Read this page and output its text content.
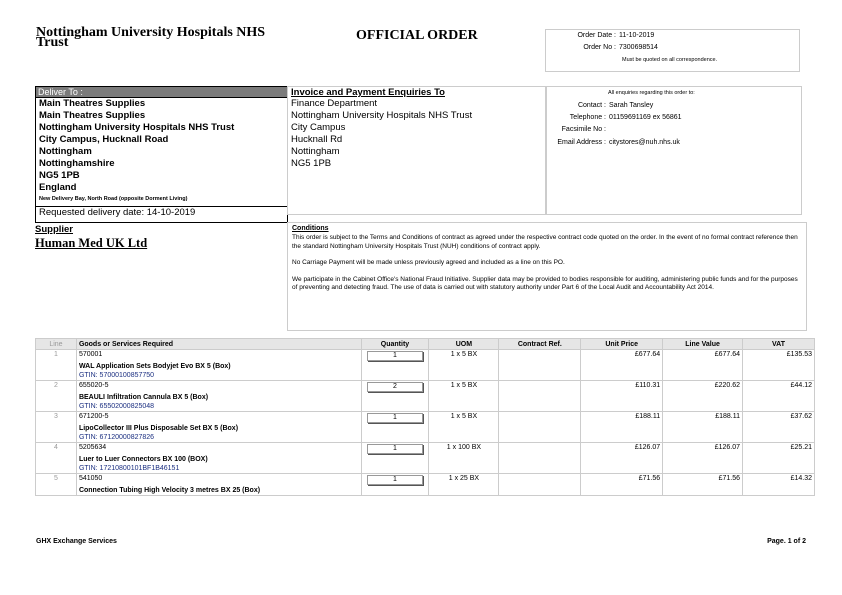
Nottingham University Hospitals NHS Trust	OFFICIAL ORDER	Order Date : 11-10-2019
Order No : 7300698514
Must be quoted on all correspondence.
Deliver To :
Main Theatres Supplies
Main Theatres Supplies
Nottingham University Hospitals NHS Trust
City Campus, Hucknall Road
Nottingham
Nottinghamshire
NG5 1PB
England
New Delivery Bay, North Road (opposite Dorment Living)
Requested delivery date: 14-10-2019
Invoice and Payment Enquiries To
Finance Department
Nottingham University Hospitals NHS Trust
City Campus
Hucknall Rd
Nottingham
NG5 1PB
All enquiries regarding this order to:
Contact : Sarah Tansley
Telephone : 01159691169 ex 56861
Facsimile No :
Email Address : citystores@nuh.nhs.uk
Supplier
Human Med UK Ltd
Conditions

This order is subject to the Terms and Conditions of contract as agreed under the respective contract code quoted on the order. In the event of no formal contract reference then the standard Nottingham University Hospitals Trust (NUH) conditions of contract apply.

No Carriage Payment will be made unless previously agreed and included as a line on this PO.

We participate in the Cabinet Office's National Fraud Initiative. Supplier data may be provided to bodies responsible for auditing, administering public funds and for the purposes of preventing and detecting fraud. The use of data is carried out with statutory authority under Part 6 of the Local Audit and Accountability Act 2014.

Line	Goods or Services Required	Quantity	UOM	Contract Ref.	Unit Price	Line Value	VAT
1	570001	1	1 x 5 BX		£677.64	£677.64	£135.53
	WAL Application Sets Bodyjet Evo BX 5 (Box)						
	GTIN: 57000100857750						
2	655020-5	2	1 x 5 BX		£110.31	£220.62	£44.12
	BEAULI Infiltration Cannula BX 5 (Box)						
	GTIN: 65502000825048						
3	671200-5	1	1 x 5 BX		£188.11	£188.11	£37.62
	LipoCollector III Plus Disposable Set BX 5 (Box)						
	GTIN: 67120000827826						
4	5205634	1	1 x 100 BX		£126.07	£126.07	£25.21
	Luer to Luer Connectors BX 100 (BOX)						
	GTIN: 17210800101BF1B46151						
5	541050	1	1 x 25 BX		£71.56	£71.56	£14.32
	Connection Tubing High Velocity 3 metres BX 25 (Box)						
GHX Exchange Services	Page. 1 of 2
